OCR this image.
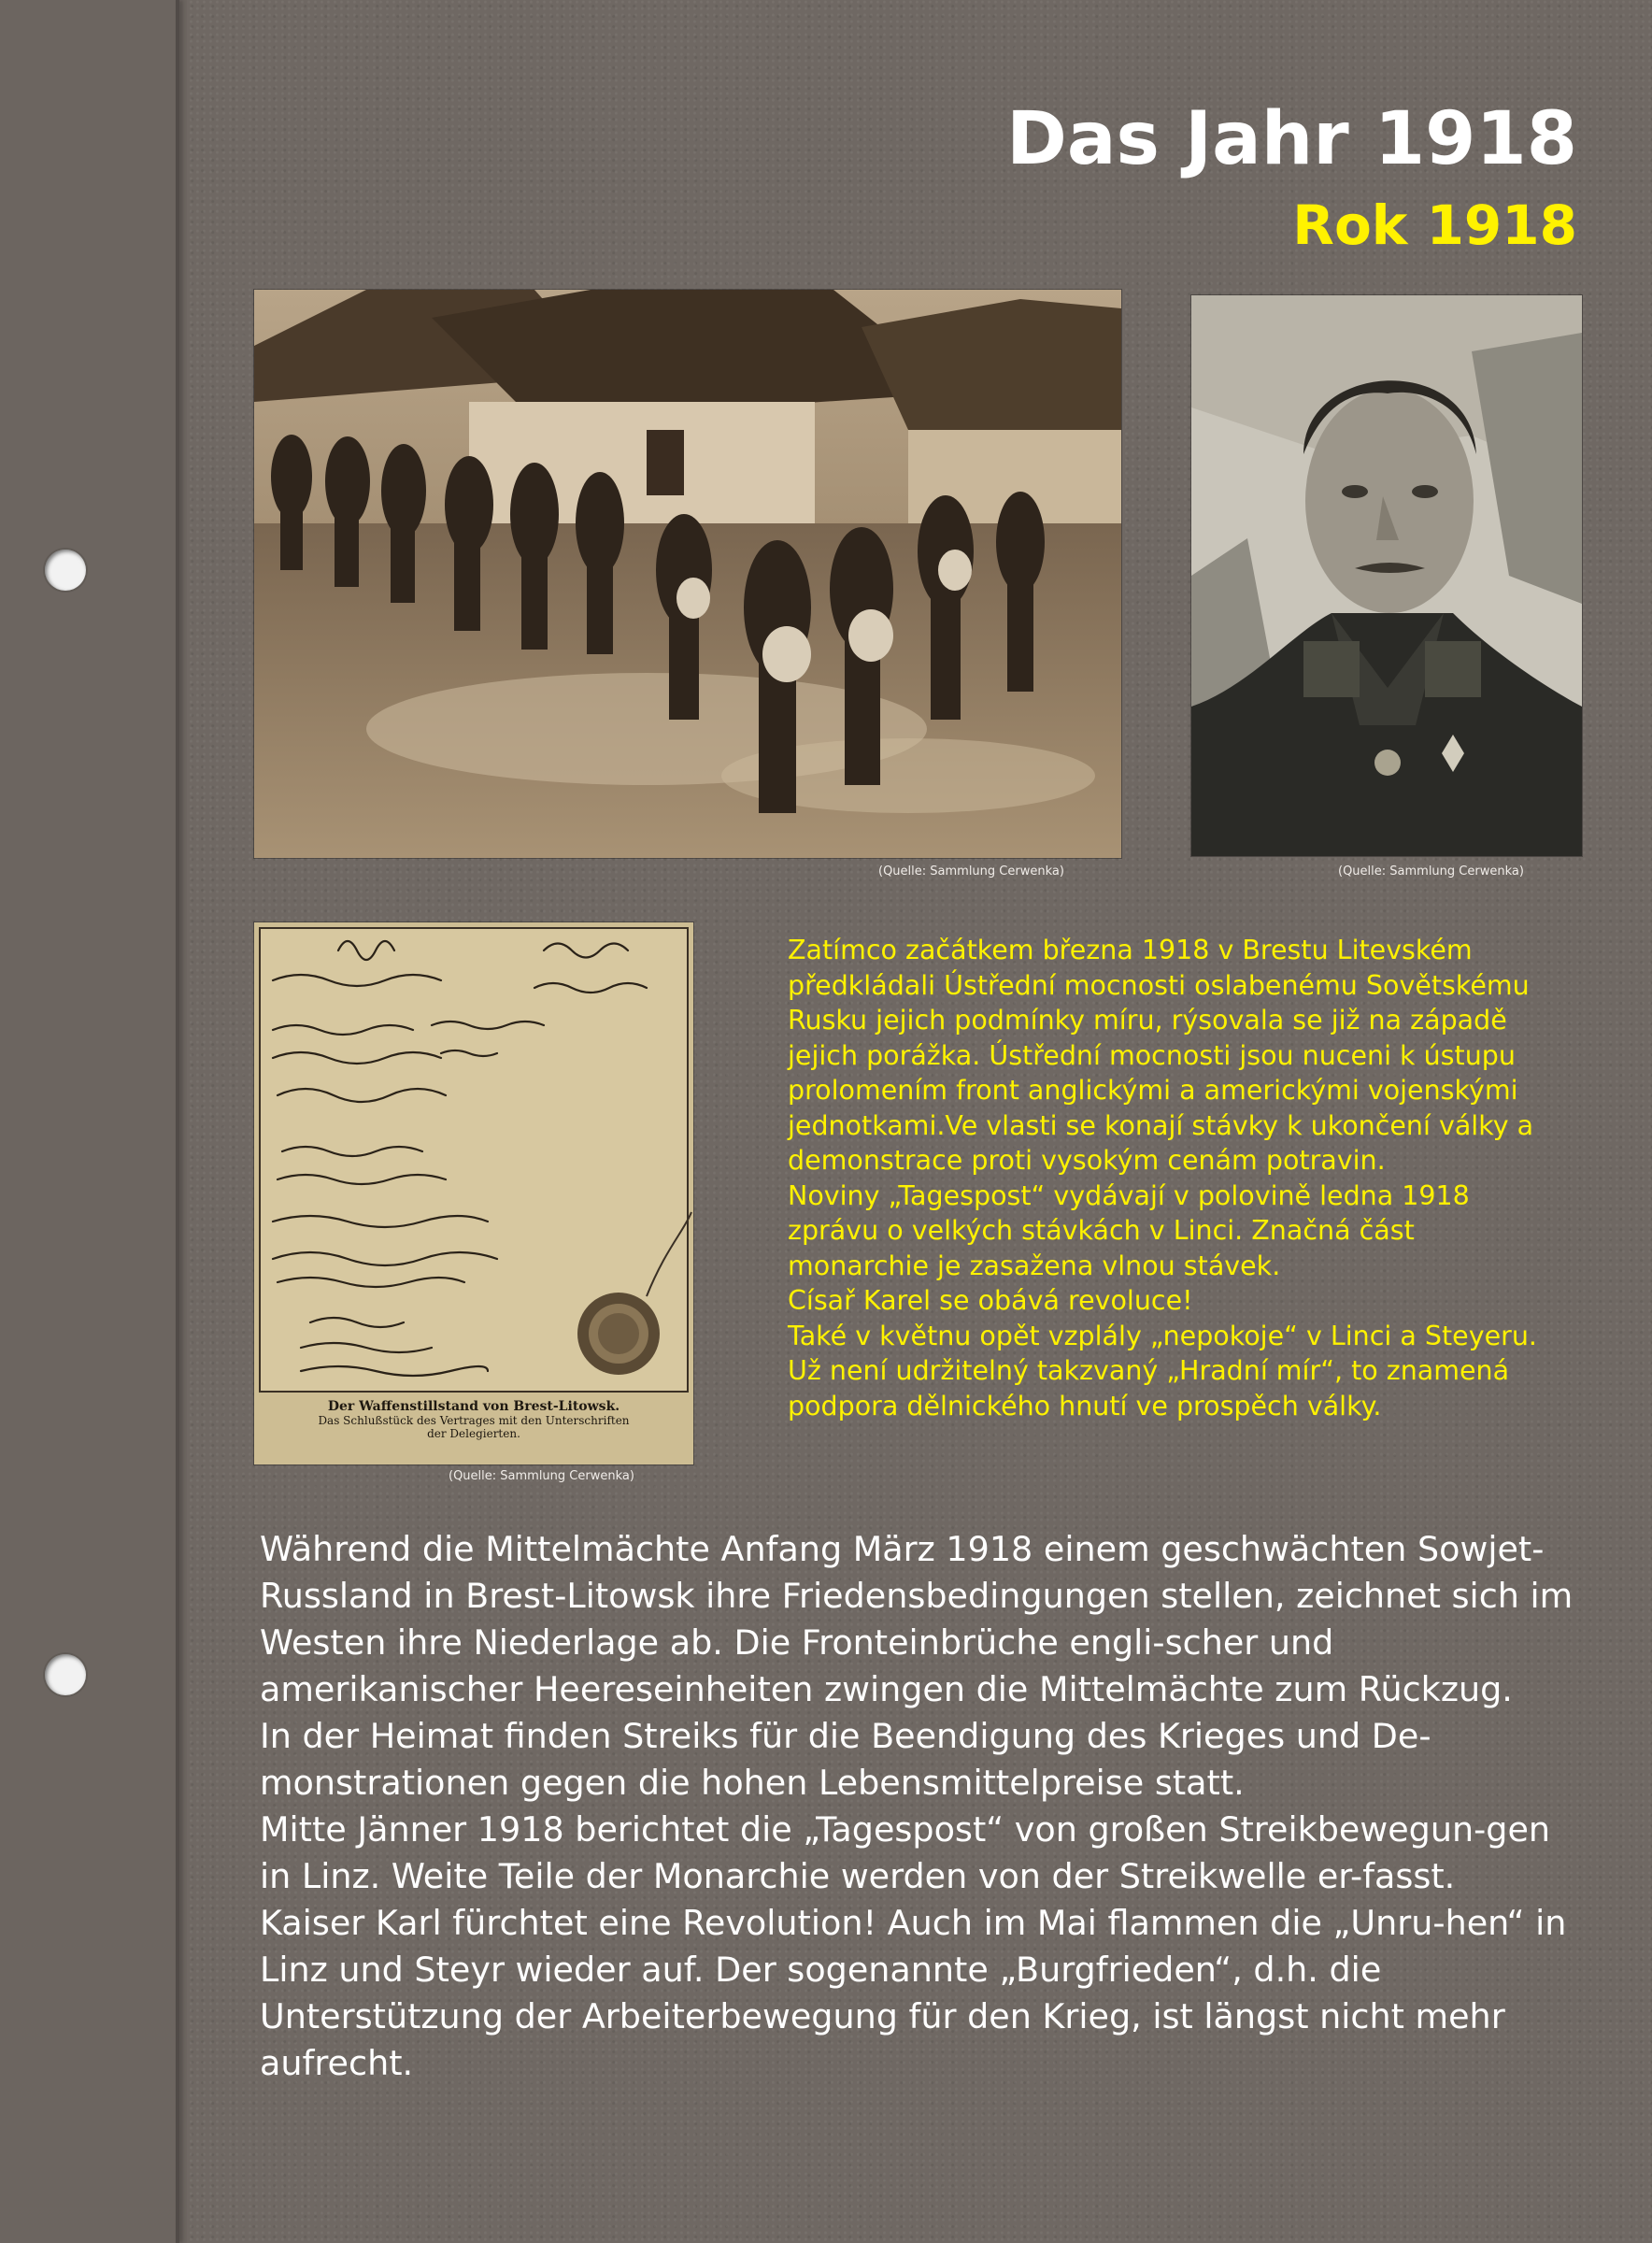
Das Jahr 1918
Rok 1918
(Quelle: Sammlung Cerwenka)	(Quelle: Sammlung Cerwenka)
Der Waffenstillstand von Brest-Litowsk.
Das Schlußstück des Vertrages mit den Unterschriften
der Delegierten.
(Quelle: Sammlung Cerwenka)

Zatímco začátkem března 1918 v Brestu Litevském předkládali Ústřední mocnosti oslabenému Sovětskému Rusku jejich podmínky míru, rýsovala se již na západě jejich porážka. Ústřední mocnosti jsou nuceni k ústupu prolomením front anglickými a americkými vojenskými jednotkami.Ve vlasti se konají stávky k ukončení války a demonstrace proti vysokým cenám potravin.

Noviny „Tagespost“ vydávají v polovině ledna 1918 zprávu o velkých stávkách v Linci. Značná část monarchie je zasažena vlnou stávek.

Císař Karel se obává revoluce!

Také v květnu opět vzplály „nepokoje“ v Linci a Steyeru. Už není udržitelný takzvaný „Hradní mír“, to znamená podpora dělnického hnutí ve prospěch války.

Während die Mittelmächte Anfang März 1918 einem geschwächten Sowjet-Russland in Brest-Litowsk ihre Friedensbedingungen stellen, zeichnet sich im Westen ihre Niederlage ab. Die Fronteinbrüche engli-scher und amerikanischer Heereseinheiten zwingen die Mittelmächte zum Rückzug.

In der Heimat finden Streiks für die Beendigung des Krieges und De-monstrationen gegen die hohen Lebensmittelpreise statt.

Mitte Jänner 1918 berichtet die „Tagespost“ von großen Streikbewegun-gen in Linz. Weite Teile der Monarchie werden von der Streikwelle er-fasst.

Kaiser Karl fürchtet eine Revolution! Auch im Mai flammen die „Unru-hen“ in Linz und Steyr wieder auf. Der sogenannte „Burgfrieden“, d.h. die Unterstützung der Arbeiterbewegung für den Krieg, ist längst nicht mehr aufrecht.
